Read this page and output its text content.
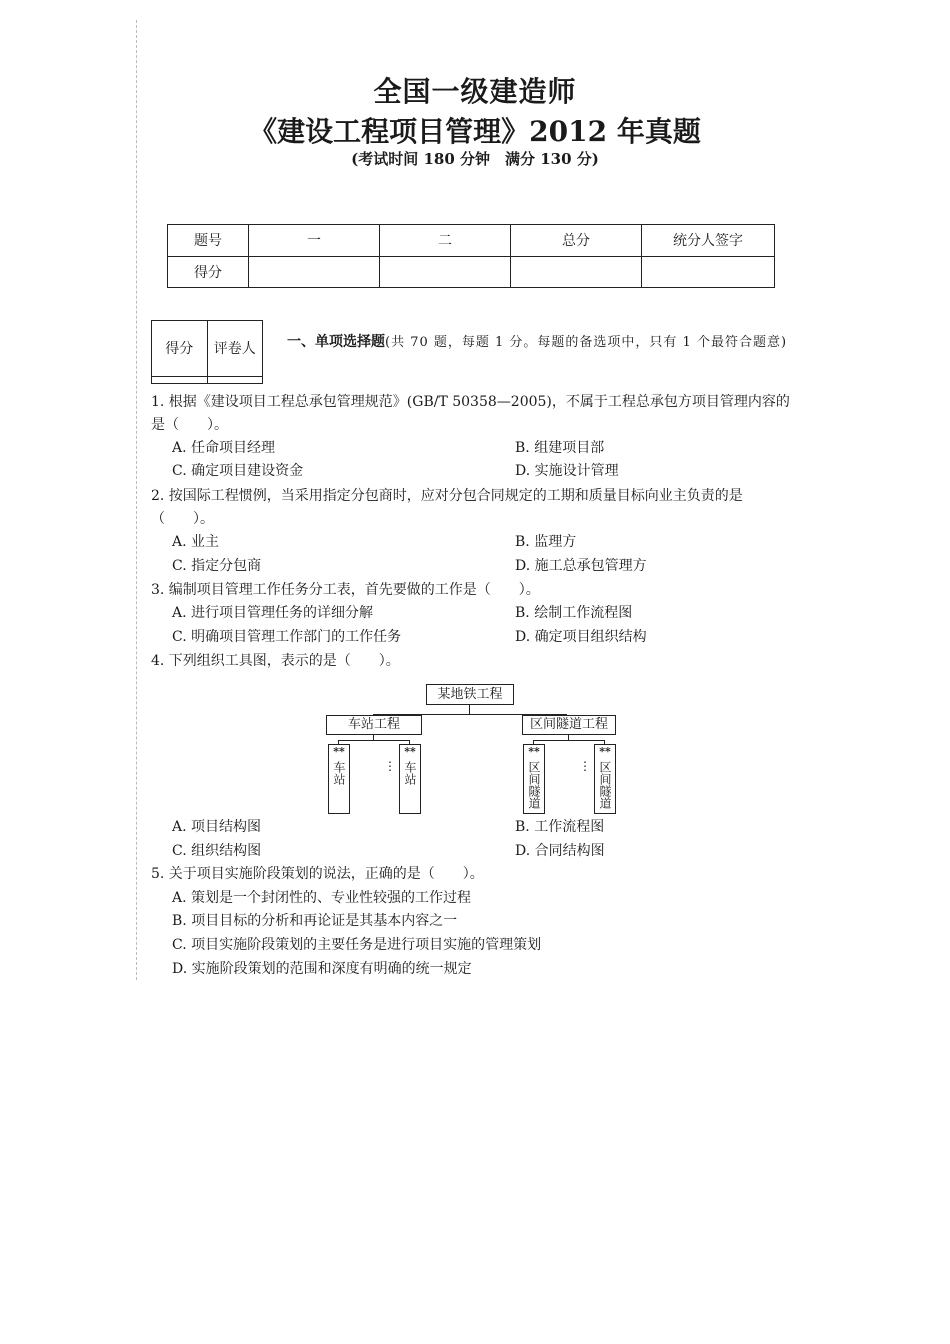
全国一级建造师
《建设工程项目管理》2012 年真题
(考试时间 180 分钟　满分 130 分)
题号	一	二	总分	统分人签字
得分				
得分	评卷人
	一、单项选择题(共 70 题，每题 1 分。每题的备选项中，只有 1 个最符合题意)
1. 根据《建设项目工程总承包管理规范》(GB/T 50358—2005)，不属于工程总承包方项目管理内容的是（　　）。
A. 任命项目经理	B. 组建项目部
C. 确定项目建设资金	D. 实施设计管理
2. 按国际工程惯例，当采用指定分包商时，应对分包合同规定的工期和质量目标向业主负责的是（　　）。
A. 业主	B. 监理方
C. 指定分包商	D. 施工总承包管理方
3. 编制项目管理工作任务分工表，首先要做的工作是（　　）。
A. 进行项目管理任务的详细分解	B. 绘制工作流程图
C. 明确项目管理工作部门的工作任务	D. 确定项目组织结构
4. 下列组织工具图，表示的是（　　）。
某地铁工程
车站工程	区间隧道工程
**
车站	⋮
**
车站
**
区间隧道	⋮
**
区间隧道
A. 项目结构图	B. 工作流程图
C. 组织结构图	D. 合同结构图
5. 关于项目实施阶段策划的说法，正确的是（　　）。
A. 策划是一个封闭性的、专业性较强的工作过程
B. 项目目标的分析和再论证是其基本内容之一
C. 项目实施阶段策划的主要任务是进行项目实施的管理策划
D. 实施阶段策划的范围和深度有明确的统一规定
